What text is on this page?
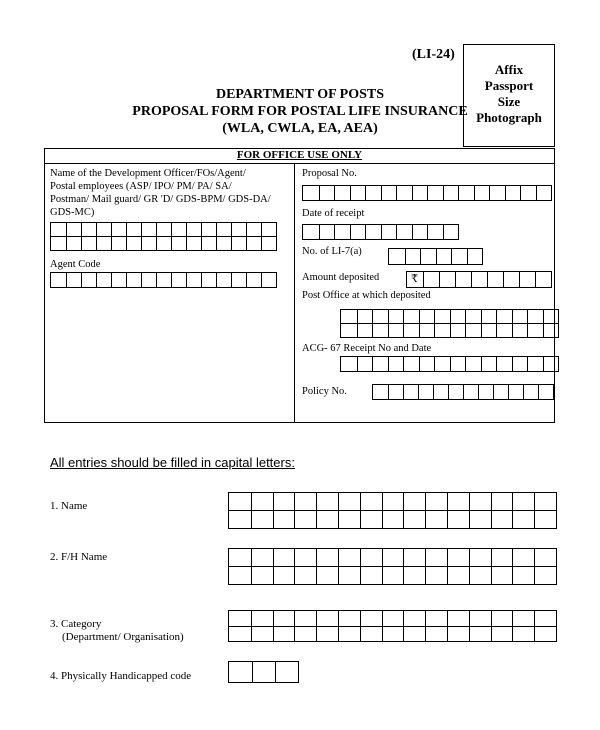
(LI-24)
DEPARTMENT OF POSTS
PROPOSAL FORM FOR POSTAL LIFE INSURANCE
(WLA, CWLA, EA, AEA)
Affix
Passport
Size
Photograph
FOR OFFICE USE ONLY
Name of the Development Officer/FOs/Agent/
Postal employees (ASP/ IPO/ PM/ PA/ SA/
Postman/ Mail guard/ GR 'D/ GDS-BPM/ GDS-DA/
GDS-MC)
Agent Code
Proposal No.
Date of receipt
No. of LI-7(a)
Amount deposited	₹
Post Office at which deposited
ACG- 67 Receipt No and Date
Policy No.
All entries should be filled in capital letters:
1. Name
2. F/H Name
3. Category
(Department/ Organisation)
4. Physically Handicapped code
